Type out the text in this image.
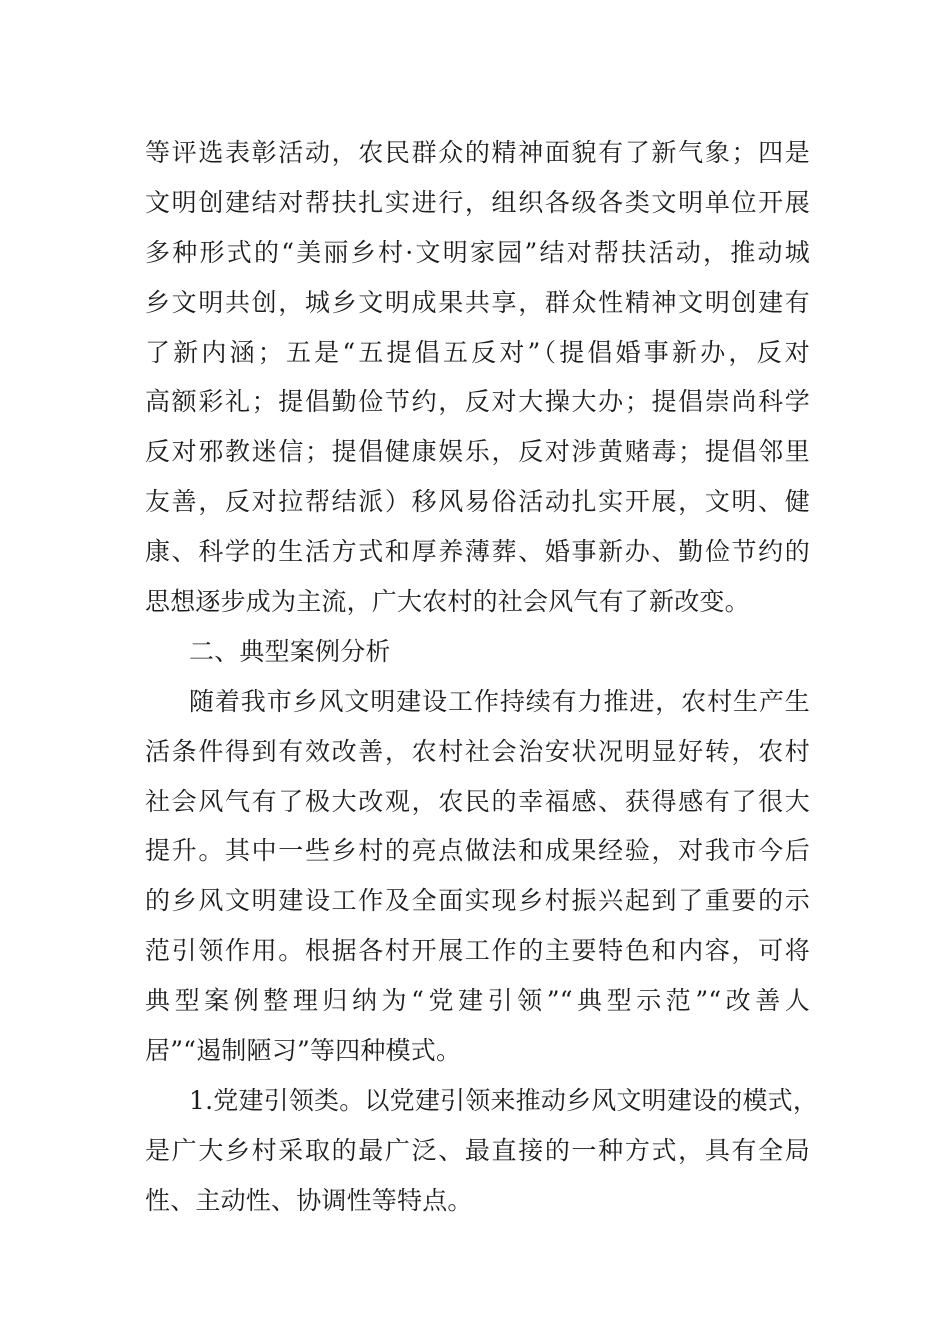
等评选表彰活动，农民群众的精神面貌有了新气象；四是
文明创建结对帮扶扎实进行，组织各级各类文明单位开展
多种形式的“美丽乡村·文明家园”结对帮扶活动，推动城
乡文明共创，城乡文明成果共享，群众性精神文明创建有
了新内涵；五是“五提倡五反对”（提倡婚事新办，反对
高额彩礼；提倡勤俭节约，反对大操大办；提倡崇尚科学
反对邪教迷信；提倡健康娱乐，反对涉黄赌毒；提倡邻里
友善，反对拉帮结派）移风易俗活动扎实开展，文明、健
康、科学的生活方式和厚养薄葬、婚事新办、勤俭节约的
思想逐步成为主流，广大农村的社会风气有了新改变。
二、典型案例分析
随着我市乡风文明建设工作持续有力推进，农村生产生
活条件得到有效改善，农村社会治安状况明显好转，农村
社会风气有了极大改观，农民的幸福感、获得感有了很大
提升。其中一些乡村的亮点做法和成果经验，对我市今后
的乡风文明建设工作及全面实现乡村振兴起到了重要的示
范引领作用。根据各村开展工作的主要特色和内容，可将
典型案例整理归纳为“党建引领”“典型示范”“改善人
居”“遏制陋习”等四种模式。
1.党建引领类。以党建引领来推动乡风文明建设的模式，
是广大乡村采取的最广泛、最直接的一种方式，具有全局
性、主动性、协调性等特点。
